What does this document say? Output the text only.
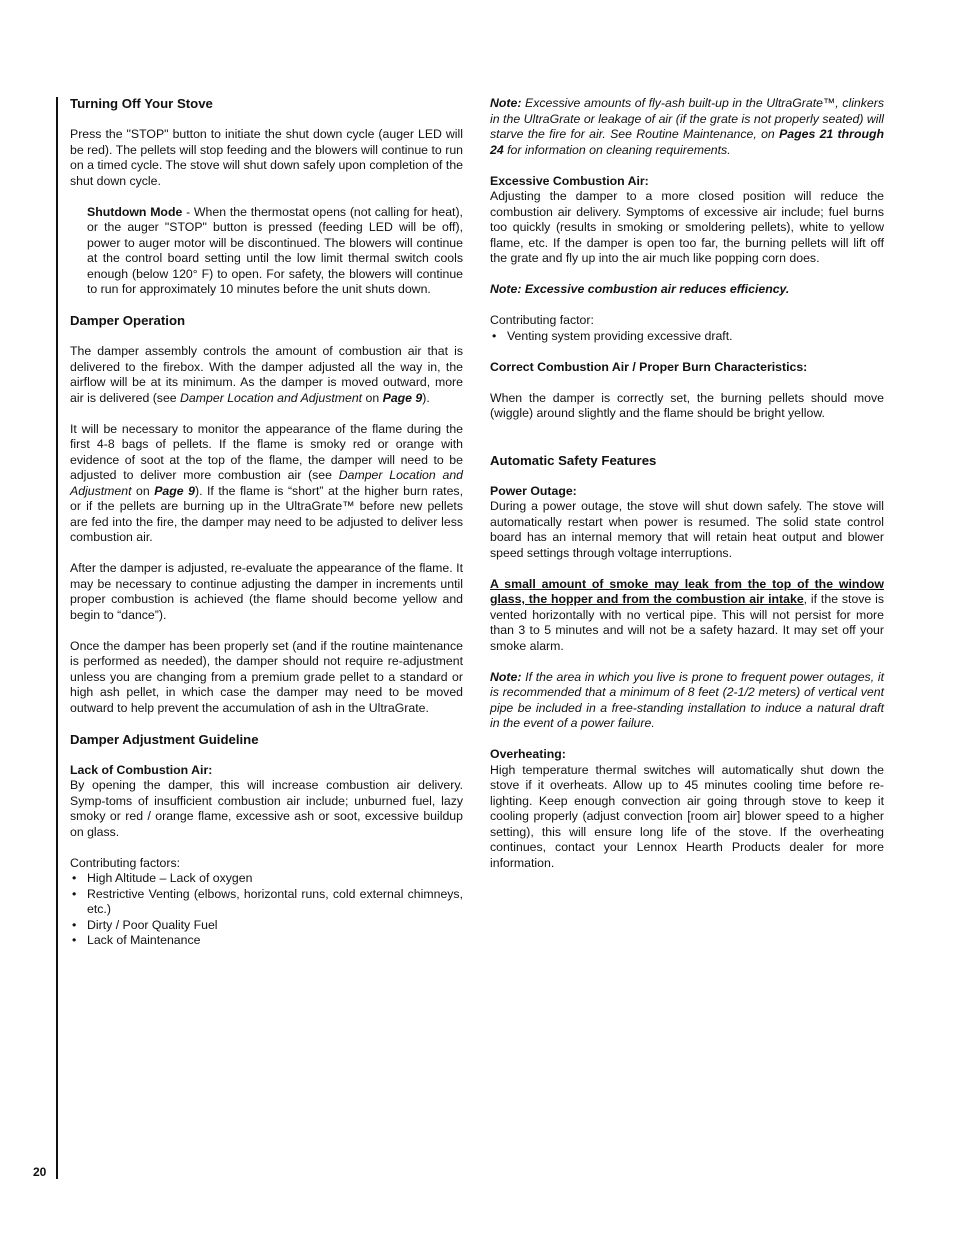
20
Turning Off Your Stove

Press the "STOP" button to initiate the shut down cycle (auger LED will be red). The pellets will stop feeding and the blowers will continue to run on a timed cycle. The stove will shut down safely upon completion of the shut down cycle.

Shutdown Mode - When the thermostat opens (not calling for heat), or the auger "STOP" button is pressed (feeding LED will be off), power to auger motor will be discontinued. The blowers will continue at the control board setting until the low limit thermal switch cools enough (below 120° F) to open. For safety, the blowers will continue to run for approximately 10 minutes before the unit shuts down.

Damper Operation

The damper assembly controls the amount of combustion air that is delivered to the firebox. With the damper adjusted all the way in, the airflow will be at its minimum. As the damper is moved outward, more air is delivered (see Damper Location and Adjustment on Page 9).

It will be necessary to monitor the appearance of the flame during the first 4-8 bags of pellets. If the flame is smoky red or orange with evidence of soot at the top of the flame, the damper will need to be adjusted to deliver more combustion air (see Damper Location and Adjustment on Page 9). If the flame is “short” at the higher burn rates, or if the pellets are burning up in the UltraGrate™ before new pellets are fed into the fire, the damper may need to be adjusted to deliver less combustion air.

After the damper is adjusted, re-evaluate the appearance of the flame. It may be necessary to continue adjusting the damper in increments until proper combustion is achieved (the flame should become yellow and begin to “dance”).

Once the damper has been properly set (and if the routine maintenance is performed as needed), the damper should not require re-adjustment unless you are changing from a premium grade pellet to a standard or high ash pellet, in which case the damper may need to be moved outward to help prevent the accumulation of ash in the UltraGrate.

Damper Adjustment Guideline
Lack of Combustion Air:

By opening the damper, this will increase combustion air delivery. Symp-toms of insufficient combustion air include; unburned fuel, lazy smoky or red / orange flame, excessive ash or soot, excessive buildup on glass.

Contributing factors:

• High Altitude – Lack of oxygen
• Restrictive Venting (elbows, horizontal runs, cold external chimneys, etc.)
• Dirty / Poor Quality Fuel
• Lack of Maintenance

Note: Excessive amounts of fly-ash built-up in the UltraGrate™, clinkers in the UltraGrate or leakage of air (if the grate is not properly seated) will starve the fire for air. See Routine Maintenance, on Pages 21 through 24 for information on cleaning requirements.

Excessive Combustion Air:

Adjusting the damper to a more closed position will reduce the combustion air delivery. Symptoms of excessive air include; fuel burns too quickly (results in smoking or smoldering pellets), white to yellow flame, etc. If the damper is open too far, the burning pellets will lift off the grate and fly up into the air much like popping corn does.

Note: Excessive combustion air reduces efficiency.

Contributing factor:

• Venting system providing excessive draft.

Correct Combustion Air / Proper Burn Characteristics:

When the damper is correctly set, the burning pellets should move (wiggle) around slightly and the flame should be bright yellow.

Automatic Safety Features
Power Outage:

During a power outage, the stove will shut down safely. The stove will automatically restart when power is resumed. The solid state control board has an internal memory that will retain heat output and blower speed settings through voltage interruptions.

A small amount of smoke may leak from the top of the window glass, the hopper and from the combustion air intake, if the stove is vented horizontally with no vertical pipe. This will not persist for more than 3 to 5 minutes and will not be a safety hazard. It may set off your smoke alarm.

Note: If the area in which you live is prone to frequent power outages, it is recommended that a minimum of 8 feet (2-1/2 meters) of vertical vent pipe be included in a free-standing installation to induce a natural draft in the event of a power failure.

Overheating:

High temperature thermal switches will automatically shut down the stove if it overheats. Allow up to 45 minutes cooling time before re-lighting. Keep enough convection air going through stove to keep it cooling properly (adjust convection [room air] blower speed to a higher setting), this will ensure long life of the stove. If the overheating continues, contact your Lennox Hearth Products dealer for more information.
